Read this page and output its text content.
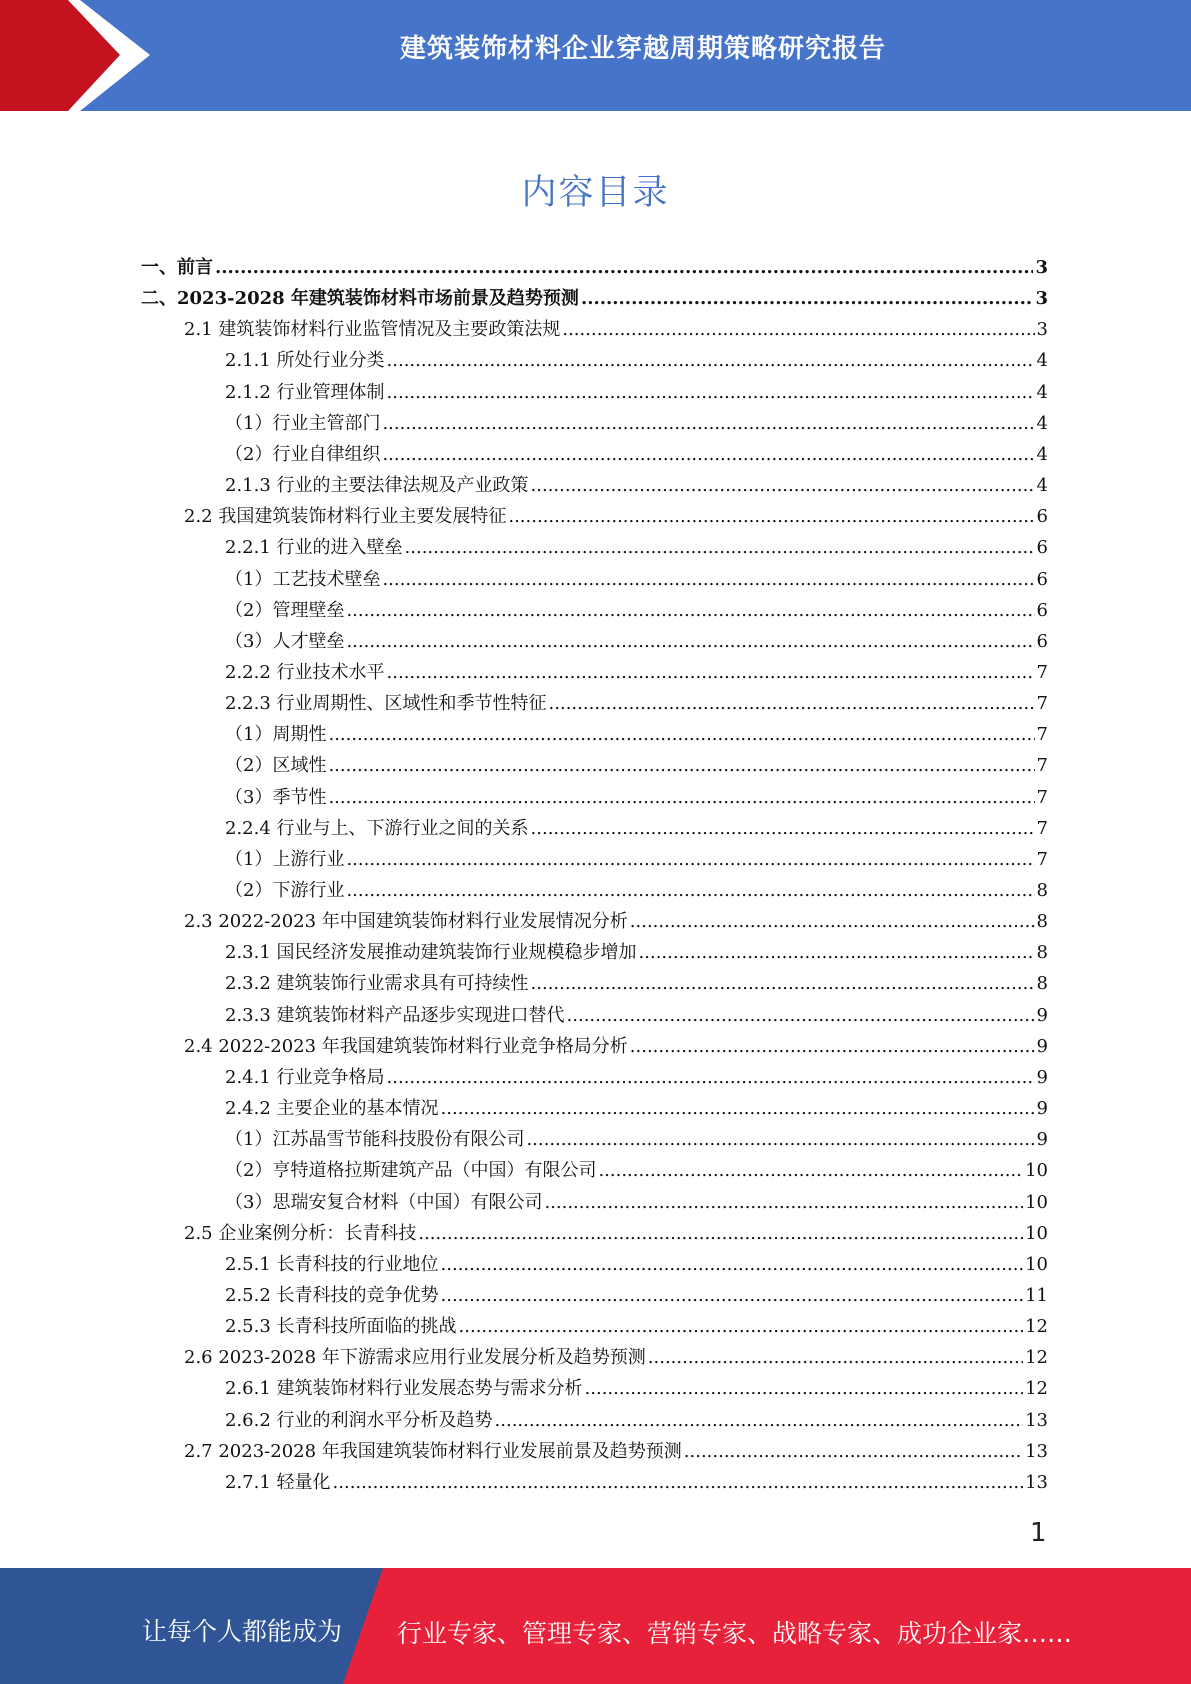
建筑装饰材料企业穿越周期策略研究报告
内容目录
一、前言 .....	3
二、2023-2028 年建筑装饰材料市场前景及趋势预测 .....	3
2.1 建筑装饰材料行业监管情况及主要政策法规 .....	3
2.1.1 所处行业分类 .....	4
2.1.2 行业管理体制 .....	4
（1）行业主管部门 .....	4
（2）行业自律组织 .....	4
2.1.3 行业的主要法律法规及产业政策 .....	4
2.2 我国建筑装饰材料行业主要发展特征 .....	6
2.2.1 行业的进入壁垒 .....	6
（1）工艺技术壁垒 .....	6
（2）管理壁垒 .....	6
（3）人才壁垒 .....	6
2.2.2 行业技术水平 .....	7
2.2.3 行业周期性、区域性和季节性特征 .....	7
（1）周期性 .....	7
（2）区域性 .....	7
（3）季节性 .....	7
2.2.4 行业与上、下游行业之间的关系 .....	7
（1）上游行业 .....	7
（2）下游行业 .....	8
2.3 2022-2023 年中国建筑装饰材料行业发展情况分析 .....	8
2.3.1 国民经济发展推动建筑装饰行业规模稳步增加 .....	8
2.3.2 建筑装饰行业需求具有可持续性 .....	8
2.3.3 建筑装饰材料产品逐步实现进口替代 .....	9
2.4 2022-2023 年我国建筑装饰材料行业竞争格局分析 .....	9
2.4.1 行业竞争格局 .....	9
2.4.2 主要企业的基本情况 .....	9
（1）江苏晶雪节能科技股份有限公司 .....	9
（2）亨特道格拉斯建筑产品（中国）有限公司 .....	10
（3）思瑞安复合材料（中国）有限公司 .....	10
2.5 企业案例分析：长青科技 .....	10
2.5.1 长青科技的行业地位 .....	10
2.5.2 长青科技的竞争优势 .....	11
2.5.3 长青科技所面临的挑战 .....	12
2.6 2023-2028 年下游需求应用行业发展分析及趋势预测 .....	12
2.6.1 建筑装饰材料行业发展态势与需求分析 .....	12
2.6.2 行业的利润水平分析及趋势 .....	13
2.7 2023-2028 年我国建筑装饰材料行业发展前景及趋势预测 .....	13
2.7.1 轻量化 .....	13
1
让每个人都能成为 行业专家、管理专家、营销专家、战略专家、成功企业家……
